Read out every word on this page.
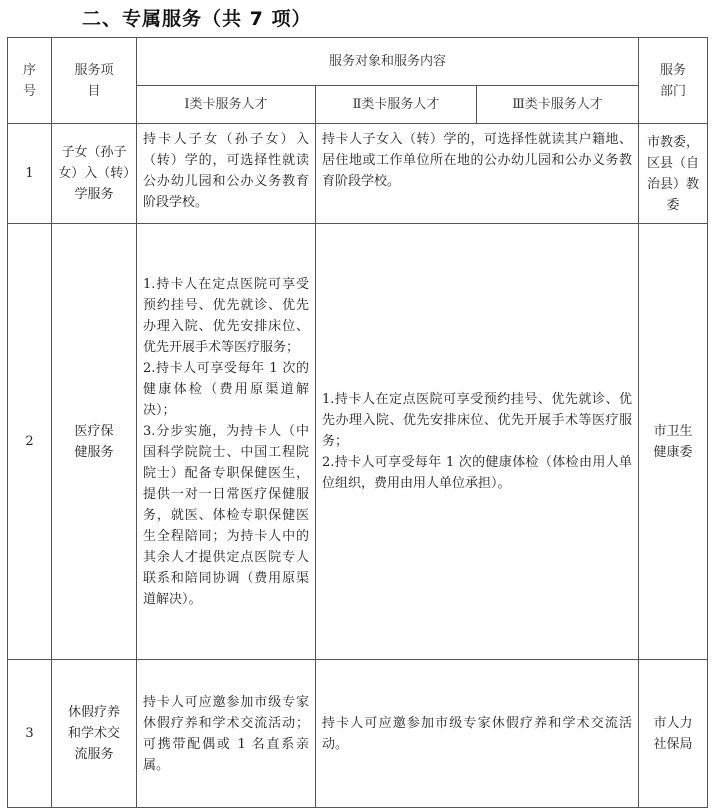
二、专属服务（共 7 项）
序号	服务项目	服务对象和服务内容			服务部门
		Ⅰ类卡服务人才	Ⅱ类卡服务人才	Ⅲ类卡服务人才	
1	子女（孙子女）入（转）学服务	持卡人子女（孙子女）入（转）学的，可选择性就读公办幼儿园和公办义务教育阶段学校。	持卡人子女入（转）学的，可选择性就读其户籍地、居住地或工作单位所在地的公办幼儿园和公办义务教育阶段学校。		市教委，区县（自治县）教委
2	医疗保健服务	1.持卡人在定点医院可享受预约挂号、优先就诊、优先办理入院、优先安排床位、优先开展手术等医疗服务；
2.持卡人可享受每年 1 次的健康体检（费用原渠道解决）；
3.分步实施，为持卡人（中国科学院院士、中国工程院院士）配备专职保健医生，提供一对一日常医疗保健服务，就医、体检专职保健医生全程陪同；为持卡人中的其余人才提供定点医院专人联系和陪同协调（费用原渠道解决）。	1.持卡人在定点医院可享受预约挂号、优先就诊、优先办理入院、优先安排床位、优先开展手术等医疗服务；
2.持卡人可享受每年 1 次的健康体检（体检由用人单位组织，费用由用人单位承担）。		市卫生健康委
3	休假疗养和学术交流服务	持卡人可应邀参加市级专家休假疗养和学术交流活动；可携带配偶或 1 名直系亲属。	持卡人可应邀参加市级专家休假疗养和学术交流活动。		市人力社保局
